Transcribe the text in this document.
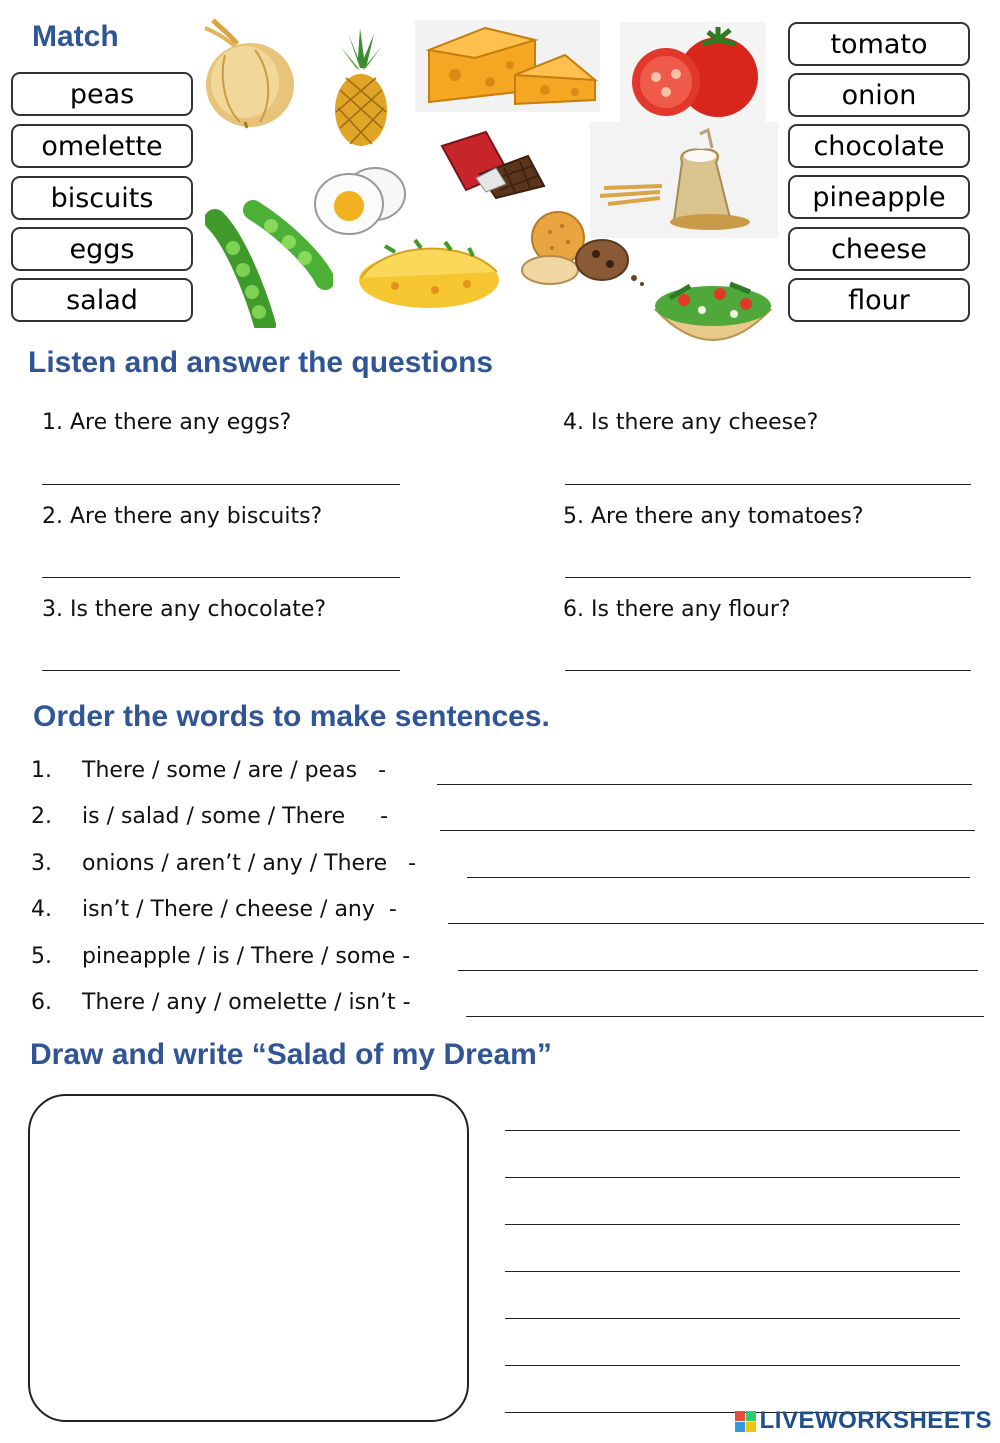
Match
peas
omelette
biscuits
eggs
salad
tomato
onion
chocolate
pineapple
cheese
flour
Listen and answer the questions
1. Are there any eggs?
2. Are there any biscuits?
3. Is there any chocolate?
4. Is there any cheese?
5. Are there any tomatoes?
6. Is there any flour?
Order the words to make sentences.
1. There / some / are / peas   -
2. is / salad / some / There     -
3. onions / aren’t / any / There   -
4. isn’t / There / cheese / any  -
5. pineapple / is / There / some -
6. There / any / omelette / isn’t -
Draw and write “Salad of my Dream”
LIVEWORKSHEETS
